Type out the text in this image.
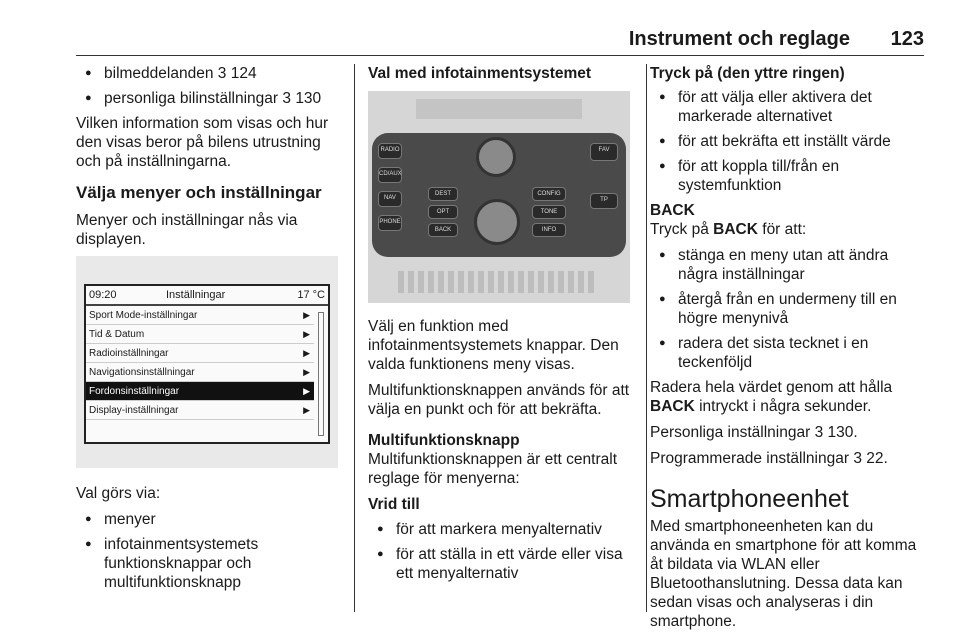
Instrument och reglage 123
● bilmeddelanden 3 124
● personliga bilinställningar 3 130

Vilken information som visas och hur den visas beror på bilens utrustning och på inställningarna.

Välja menyer och inställningar

Menyer och inställningar nås via displayen.

09:20	Inställningar	17 °C
Sport Mode-inställningar	▶
Tid & Datum	▶
Radioinställningar	▶
Navigationsinställningar	▶
Fordonsinställningar	▶
Display-inställningar	▶

Val görs via:

● menyer
● infotainmentsystemets funktionsknappar och multifunktionsknapp
Val med infotainmentsystemet
RADIO
CD/AUX
NAV
PHONE
DEST
OPT
BACK
CONFIG
TONE
INFO
FAV
TP

Välj en funktion med infotainmentsystemets knappar. Den valda funktionens meny visas.

Multifunktionsknappen används för att välja en punkt och för att bekräfta.

Multifunktionsknapp

Multifunktionsknappen är ett centralt reglage för menyerna:

Vrid till
● för att markera menyalternativ
● för att ställa in ett värde eller visa ett menyalternativ
Tryck på (den yttre ringen)
● för att välja eller aktivera det markerade alternativet
● för att bekräfta ett inställt värde
● för att koppla till/från en systemfunktion
BACK

Tryck på BACK för att:

● stänga en meny utan att ändra några inställningar
● återgå från en undermeny till en högre menynivå
● radera det sista tecknet i en teckenföljd

Radera hela värdet genom att hålla BACK intryckt i några sekunder.

Personliga inställningar 3 130.

Programmerade inställningar 3 22.

Smartphoneenhet

Med smartphoneenheten kan du använda en smartphone för att komma åt bildata via WLAN eller Bluetoothanslutning. Dessa data kan sedan visas och analyseras i din smartphone.
